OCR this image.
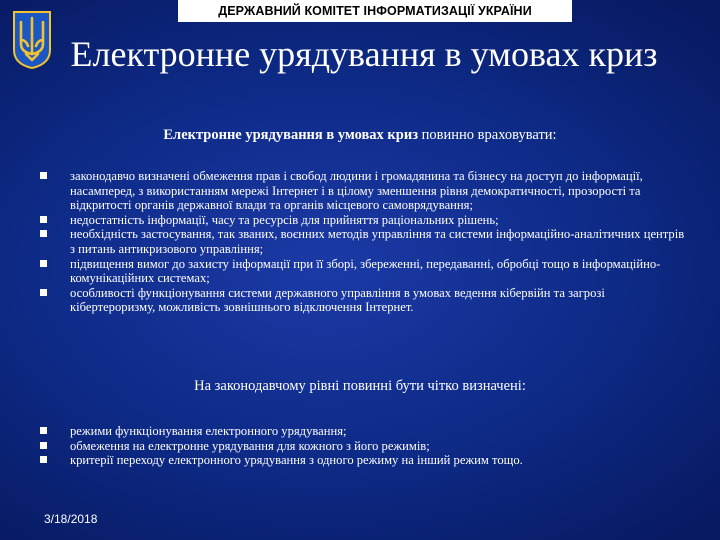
ДЕРЖАВНИЙ КОМІТЕТ ІНФОРМАТИЗАЦІЇ УКРАЇНИ
Електронне урядування в умовах криз
Електронне урядування в умовах криз повинно враховувати:
законодавчо визначені обмеження прав і свобод людини і громадянина та бізнесу на доступ до інформації, насамперед, з використанням мережі Інтернет і в цілому зменшення рівня демократичності, прозорості та відкритості органів державної влади та органів місцевого самоврядування;
недостатність інформації, часу та ресурсів для прийняття раціональних рішень;
необхідність застосування, так званих, воєнних методів управління та системи інформаційно-аналітичних центрів з питань антикризового управління;
підвищення вимог до захисту інформації при її зборі, збереженні, передаванні, обробці тощо в інформаційно-комунікаційних системах;
особливості функціонування системи державного управління в умовах ведення кібервійн та загрозі кібертероризму, можливість зовнішнього відключення Інтернет.
На законодавчому рівні повинні бути чітко визначені:
режими функціонування електронного урядування;
обмеження на електронне урядування для кожного з його режимів;
критерії переходу електронного урядування з одного режиму на інший режим тощо.
3/18/2018
